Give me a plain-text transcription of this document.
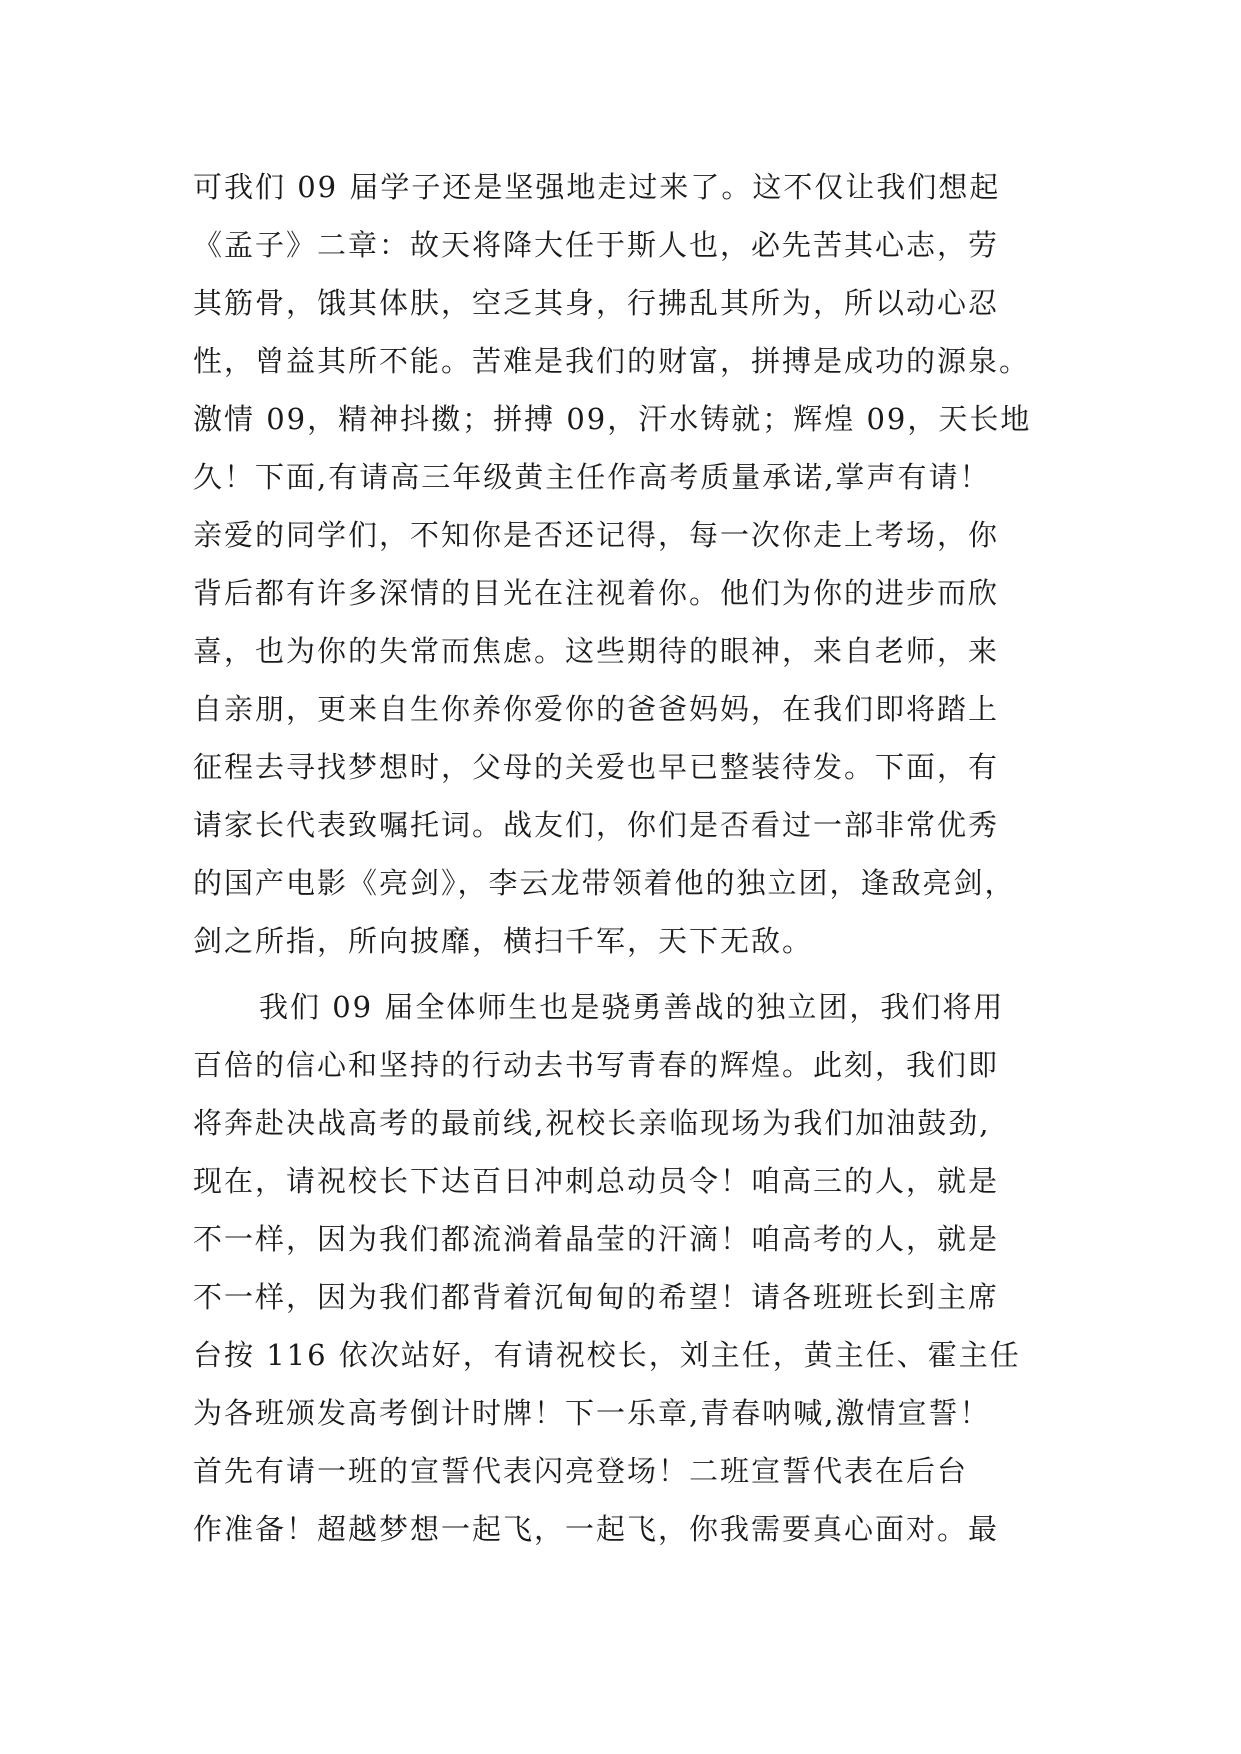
可我们 09 届学子还是坚强地走过来了。这不仅让我们想起
《孟子》二章：故天将降大任于斯人也，必先苦其心志，劳
其筋骨，饿其体肤，空乏其身，行拂乱其所为，所以动心忍
性，曾益其所不能。苦难是我们的财富，拼搏是成功的源泉。
激情 09，精神抖擞；拼搏 09，汗水铸就；辉煌 09，天长地
久！下面,有请高三年级黄主任作高考质量承诺,掌声有请！
亲爱的同学们，不知你是否还记得，每一次你走上考场，你
背后都有许多深情的目光在注视着你。他们为你的进步而欣
喜，也为你的失常而焦虑。这些期待的眼神，来自老师，来
自亲朋，更来自生你养你爱你的爸爸妈妈，在我们即将踏上
征程去寻找梦想时，父母的关爱也早已整装待发。下面，有
请家长代表致嘱托词。战友们，你们是否看过一部非常优秀
的国产电影《亮剑》，李云龙带领着他的独立团，逢敌亮剑，
剑之所指，所向披靡，横扫千军，天下无敌。
我们 09 届全体师生也是骁勇善战的独立团，我们将用
百倍的信心和坚持的行动去书写青春的辉煌。此刻，我们即
将奔赴决战高考的最前线,祝校长亲临现场为我们加油鼓劲,
现在，请祝校长下达百日冲刺总动员令！咱高三的人，就是
不一样，因为我们都流淌着晶莹的汗滴！咱高考的人，就是
不一样，因为我们都背着沉甸甸的希望！请各班班长到主席
台按 116 依次站好，有请祝校长，刘主任，黄主任、霍主任
为各班颁发高考倒计时牌！下一乐章,青春呐喊,激情宣誓！
首先有请一班的宣誓代表闪亮登场！二班宣誓代表在后台
作准备！超越梦想一起飞，一起飞，你我需要真心面对。最
